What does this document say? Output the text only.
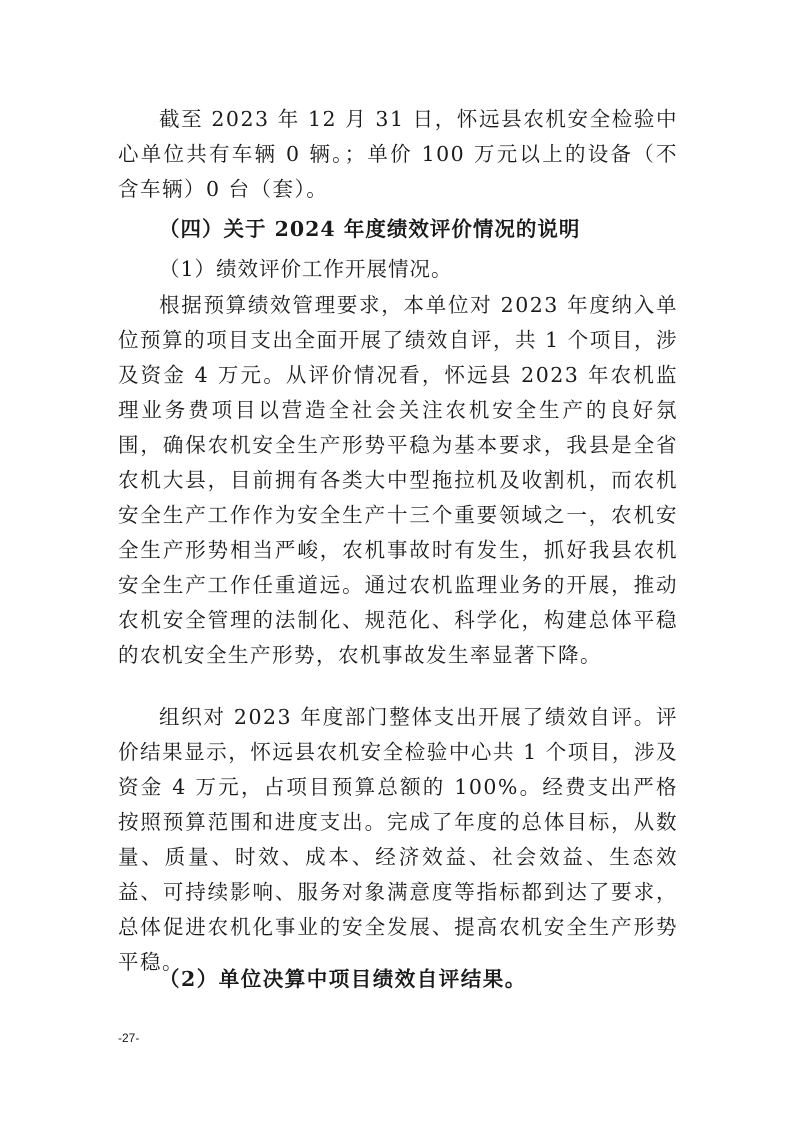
截至 2023 年 12 月 31 日，怀远县农机安全检验中心单位共有车辆 0 辆。；单价 100 万元以上的设备（不含车辆）0 台（套）。

（四）关于 2024 年度绩效评价情况的说明

（1）绩效评价工作开展情况。

根据预算绩效管理要求，本单位对 2023 年度纳入单位预算的项目支出全面开展了绩效自评，共 1 个项目，涉及资金 4 万元。从评价情况看，怀远县 2023 年农机监理业务费项目以营造全社会关注农机安全生产的良好氛围，确保农机安全生产形势平稳为基本要求，我县是全省农机大县，目前拥有各类大中型拖拉机及收割机，而农机安全生产工作作为安全生产十三个重要领域之一，农机安全生产形势相当严峻，农机事故时有发生，抓好我县农机安全生产工作任重道远。通过农机监理业务的开展，推动农机安全管理的法制化、规范化、科学化，构建总体平稳的农机安全生产形势，农机事故发生率显著下降。

组织对 2023 年度部门整体支出开展了绩效自评。评价结果显示，怀远县农机安全检验中心共 1 个项目，涉及资金 4 万元，占项目预算总额的 100%。经费支出严格按照预算范围和进度支出。完成了年度的总体目标，从数量、质量、时效、成本、经济效益、社会效益、生态效益、可持续影响、服务对象满意度等指标都到达了要求，总体促进农机化事业的安全发展、提高农机安全生产形势平稳。

（2）单位决算中项目绩效自评结果。

-27-
